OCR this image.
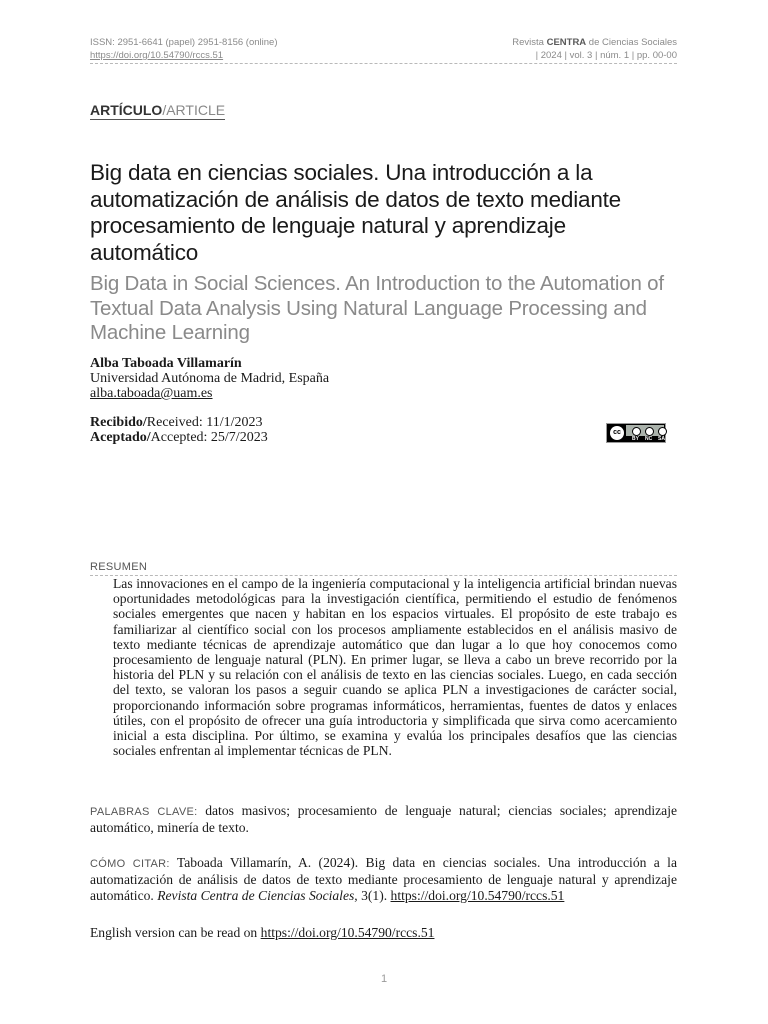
ISSN: 2951-6641 (papel) 2951-8156 (online)
https://doi.org/10.54790/rccs.51
Revista CENTRA de Ciencias Sociales
| 2024 | vol. 3 | núm. 1 | pp. 00-00
ARTÍCULO/ARTICLE
Big data en ciencias sociales. Una introducción a la automatización de análisis de datos de texto mediante procesamiento de lenguaje natural y aprendizaje automático
Big Data in Social Sciences. An Introduction to the Automation of Textual Data Analysis Using Natural Language Processing and Machine Learning
Alba Taboada Villamarín
Universidad Autónoma de Madrid, España
alba.taboada@uam.es
Recibido/Received: 11/1/2023
Aceptado/Accepted: 25/7/2023	cc
BY NC SA
RESUMEN

Las innovaciones en el campo de la ingeniería computacional y la inteligencia artificial brindan nuevas oportunidades metodológicas para la investigación científica, permitiendo el estudio de fenómenos sociales emergentes que nacen y habitan en los espacios virtuales. El propósito de este trabajo es familiarizar al científico social con los procesos ampliamente establecidos en el análisis masivo de texto mediante técnicas de aprendizaje automático que dan lugar a lo que hoy conocemos como procesamiento de lenguaje natural (PLN). En primer lugar, se lleva a cabo un breve recorrido por la historia del PLN y su relación con el análisis de texto en las ciencias sociales. Luego, en cada sección del texto, se valoran los pasos a seguir cuando se aplica PLN a investigaciones de carácter social, proporcionando información sobre programas informáticos, herramientas, fuentes de datos y enlaces útiles, con el propósito de ofrecer una guía introductoria y simplificada que sirva como acercamiento inicial a esta disciplina. Por último, se examina y evalúa los principales desafíos que las ciencias sociales enfrentan al implementar técnicas de PLN.

PALABRAS CLAVE: datos masivos; procesamiento de lenguaje natural; ciencias sociales; aprendizaje automático, minería de texto.

CÓMO CITAR: Taboada Villamarín, A. (2024). Big data en ciencias sociales. Una introducción a la automatización de análisis de datos de texto mediante procesamiento de lenguaje natural y aprendizaje automático. Revista Centra de Ciencias Sociales, 3(1). https://doi.org/10.54790/rccs.51

English version can be read on https://doi.org/10.54790/rccs.51

1
